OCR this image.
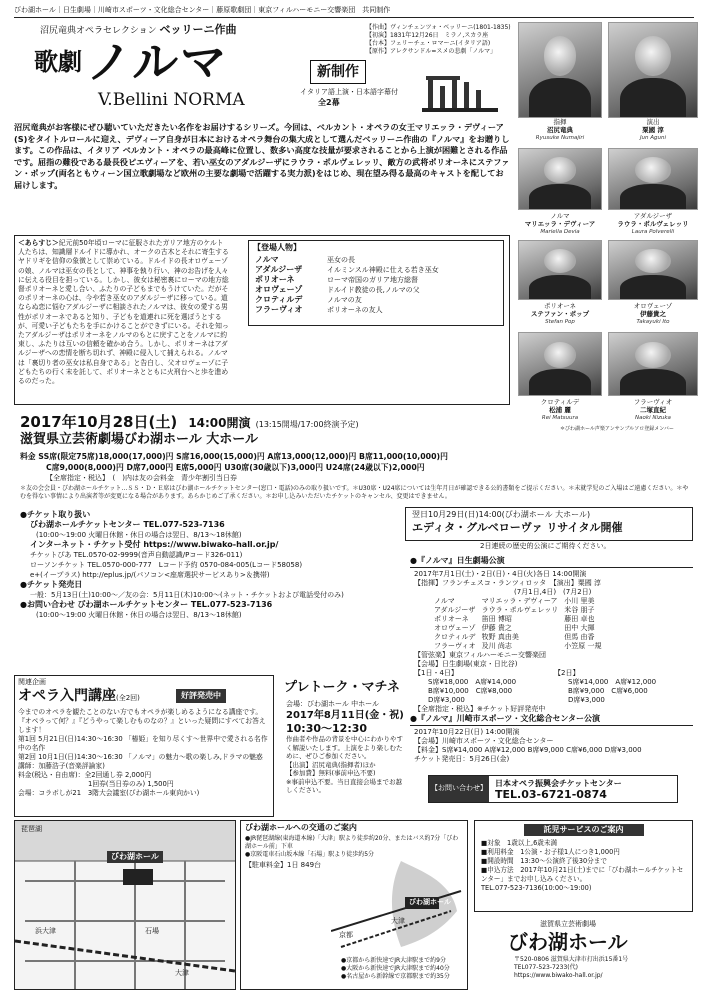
びわ湖ホール｜日生劇場｜川崎市スポーツ・文化総合センター｜藤原歌劇団｜東京フィルハーモニー交響楽団　共同制作
沼尻竜典オペラセレクション ベッリーニ作曲
歌劇 ノルマ	新制作
V.Bellini NORMA	イタリア語上演・日本語字幕付
全2幕
【作曲】ヴィンチェンツォ・ベッリーニ(1801-1835)
【初演】1831年12月26日　ミラノ,スカラ座
【台本】フェリーチェ・ロマーニ(イタリア語)
【原作】アレクサンドル=スメの悲劇「ノルマ」
沼尻竜典がお客様にぜひ聴いていただきたい名作をお届けするシリーズ。今回は、ベルカント・オペラの女王マリエッラ・デヴィーア(S)をタイトルロールに迎え、デヴィーア自身が日本におけるオペラ舞台の集大成として選んだベッリーニ作曲の『ノルマ』をお贈りします。この作品は、イタリア ベルカント・オペラの最高峰に位置し、数多い高度な技量が要求されることから上演が困難とされる作品です。屈指の難役である最長役ピエヴィーアを、若い巫女のアダルジーザにラウラ・ポルヴェレッリ、敵方の武将ポリオーネにステファン・ポップ(両名ともウィーン国立歌劇場など欧州の主要な劇場で活躍する実力派)をはじめ、現在望み得る最高のキャストを配してお届けします。
＜あらすじ＞紀元前50年頃ローマに征服されたガリア地方のケルト人たちは、知識層ドルイドに導かれ、オークの古木とそれに寄生するヤドリギを信仰の象徴として崇めている。ドルイドの長オロヴェーゾの娘、ノルマは巫女の長として、神事を執り行い、神のお告げを人々に伝える役目を担っている。しかし、彼女は秘密裏にローマの地方総督ポリオーネと愛し合い、ふたりの子どもまでもうけていた。だがそのポリオーネの心は、今や若き巫女のアダルジーザに移っている。道ならぬ恋に悩むアダルジーザに相談されたノルマは、彼女の愛する男性がポリオーネであると知り、子どもを道連れに死を選ぼうとするが、可愛い子どもたちを手にかけることができずにいる。それを知ったアダルジーザはポリオーネをノルマのもとに戻すことをノルマに約束し、ふたりは互いの信頼を確かめ合う。しかし、ポリオーネはアダルジーザへの恋情を断ち切れず、神殿に侵入して捕えられる。ノルマは「裏切り者の巫女は私自身である」と告白し、父オロヴェーゾに子どもたちの行く末を託して、ポリオーネとともに火刑台へと歩を進めるのだった。
【登場人物】
ノルマ	巫女の長
アダルジーザ	イルミンスル神殿に仕える若き巫女
ポリオーネ	ローマ帝国のガリア地方総督
オロヴェーゾ	ドルイド教徒の長,ノルマの父
クロティルデ	ノルマの友
フラーヴィオ	ポリオーネの友人
指揮
沼尻竜典
Ryusuke Numajiri
演出
粟國 淳
Jun Aguni
ノルマ
マリエッラ・デヴィーア
Mariella Devia
アダルジーザ
ラウラ・ポルヴェレッリ
Laura Polverelli
ポリオーネ
ステファン・ポップ
Stefan Pop
オロヴェーゾ
伊藤貴之
Takayuki Ito
クロティルデ
松浦 麗
Rei Matsuura
フラーヴィオ
二塚直紀
Naoki Nizuka
＊びわ湖ホール声楽アンサンブルソロ登録メンバー
2017年10月28日(土) 14:00開演 (13:15開場/17:00終演予定)
滋賀県立芸術劇場びわ湖ホール 大ホール
料金 SS席(限定75席)18,000(17,000)円 S席16,000(15,000)円 A席13,000(12,000)円 B席11,000(10,000)円
C席9,000(8,000)円 D席7,000円 E席5,000円 U30席(30歳以下)3,000円 U24席(24歳以下)2,000円
【全席指定・税込】　(　)内は友の会料金　青少年割引当日券
＊友の会会員・びわ湖ホールチケット…ＳＳ・Ｄ・Ｅ席はびわ湖ホールチケットセンター(窓口・電話)のみの取り扱いです。＊U30席・U24席については生年月日が確認できる公的書類をご提示ください。＊未就学児のご入場はご遠慮ください。＊やむを得ない事情により出演者等が変更になる場合があります。あらかじめご了承ください。＊お申し込みいただいたチケットのキャンセル、変更はできません。
翌日10月29日(日)14:00(びわ湖ホール 大ホール)
エディタ・グルベローヴァ リサイタル開催
2日連続の歴史的公演にご期待ください。
●チケット取り扱い
びわ湖ホールチケットセンター TEL.077-523-7136
(10:00〜19:00 火曜日休館・休日の場合は翌日、8/13〜18休館)
インターネット・チケット受付 https://www.biwako-hall.or.jp/
チケットぴあ TEL.0570-02-9999(音声自動認識/Pコード326-011)
ローソンチケット TEL.0570-000-777　Lコード予約 0570-084-005(Lコード58058)
e+(イープラス) http://eplus.jp/(パソコン<座席選択サービスあり>＆携帯)
●チケット発売日
一般：5月13日(土)10:00〜／友の会：5月11日(木)10:00〜(ネット・チケットおよび電話受付のみ)
●お問い合わせ びわ湖ホールチケットセンター TEL.077-523-7136
(10:00〜19:00 火曜日休館・休日の場合は翌日、8/13〜18休館)
●『ノルマ』日生劇場公演
2017年7月1日(土)・2日(日)・4日(火)各日 14:00開演
【指揮】フランチェスコ・ランツィロッタ　【演出】粟國 淳
(7月1日,4日)　(7月2日)
ノルマ	マリエッラ・デヴィーア	小川 里美
アダルジーザ	ラウラ・ポルヴェレッリ	米谷 朋子
ポリオーネ	笛田 博昭	藤田 卓也
オロヴェーゾ	伊藤 貴之	田中 大揮
クロティルデ	牧野 真由美	但馬 由香
フラーヴィオ	及川 尚志	小笠原 一規
【管弦楽】東京フィルハーモニー交響楽団
【会場】日生劇場(東京・日比谷)
【1日・4日】
S席¥18,000　A席¥14,000
B席¥10,000　C席¥8,000
D席¥3,000
【2日】
S席¥14,000　A席¥12,000
B席¥9,000　C席¥6,000
D席¥3,000
【全席指定・税込】※チケット好評発売中
●『ノルマ』川崎市スポーツ・文化総合センター公演
2017年10月22日(日) 14:00開演
【会場】川崎市スポーツ・文化総合センター
【料金】S席¥14,000 A席¥12,000 B席¥9,000 C席¥6,000 D席¥3,000
チケット発売日：5月26日(金)
【お問い合わせ】 日本オペラ振興会チケットセンター
TEL.03-6721-0874
関連企画
オペラ入門講座(全2回)	好評発売中
今までのオペラを観たことのない方でもオペラが楽しめるようになる講座です。『オペラって何？』『どうやって楽しむものなの？』といった疑問にすべてお答えします！
第1回 5月21日(日)14:30〜16:30 「椿姫」を知り尽くす〜世界中で愛される名作中の名作
第2回 10月1日(日)14:30〜16:30 「ノルマ」の魅力〜歌の楽しみ,ドラマの魅惑
講師：加藤浩子(音楽評論家)
料金(税込・自由席)：全2回通し券 2,000円
1回券(当日券のみ) 1,500円
会場：コラボしが21　3階大会議室(びわ湖ホール東向かい)
プレトーク・マチネ
会場：びわ湖ホール 中ホール
2017年8月11日(金・祝)
10:30〜12:30
作曲者や作品の背景を中心にわかりやすく解説いたします。上演をより楽しむために、ぜひご参加ください。
【出演】沼尻竜典(指揮者)ほか
【参加費】無料(事前申込不要)
※事前申込不要。当日直接会場までお越しください。
琵琶湖
びわ湖ホール
大津
石場
浜大津
びわ湖ホールへの交通のご案内
●JR琵琶湖線(東海道本線)「大津」駅より徒歩約20分、またはバス約7分「びわ湖ホール前」下車
●京阪電車石山坂本線「石場」駅より徒歩約5分
【駐車料金】1日 849台
びわ湖ホール
京都
大津
●京都から新快速でJR大津駅まで約9分
●大阪から新快速でJR大津駅まで約40分
●名古屋から新幹線で京都駅まで約35分
託児サービスのご案内
■対象　1歳以上,6歳未満
■利用料金　1公演・お子様1人につき1,000円
■開設時間　13:30〜公演終了後30分まで
■申込方法　2017年10月21日(土)までに「びわ湖ホールチケットセンター」までお申し込みください。
TEL.077-523-7136(10:00〜19:00)
滋賀県立芸術劇場
びわ湖ホール
〒520-0806 滋賀県大津市打出浜15番1号
TEL077-523-7233(代)
https://www.biwako-hall.or.jp/
